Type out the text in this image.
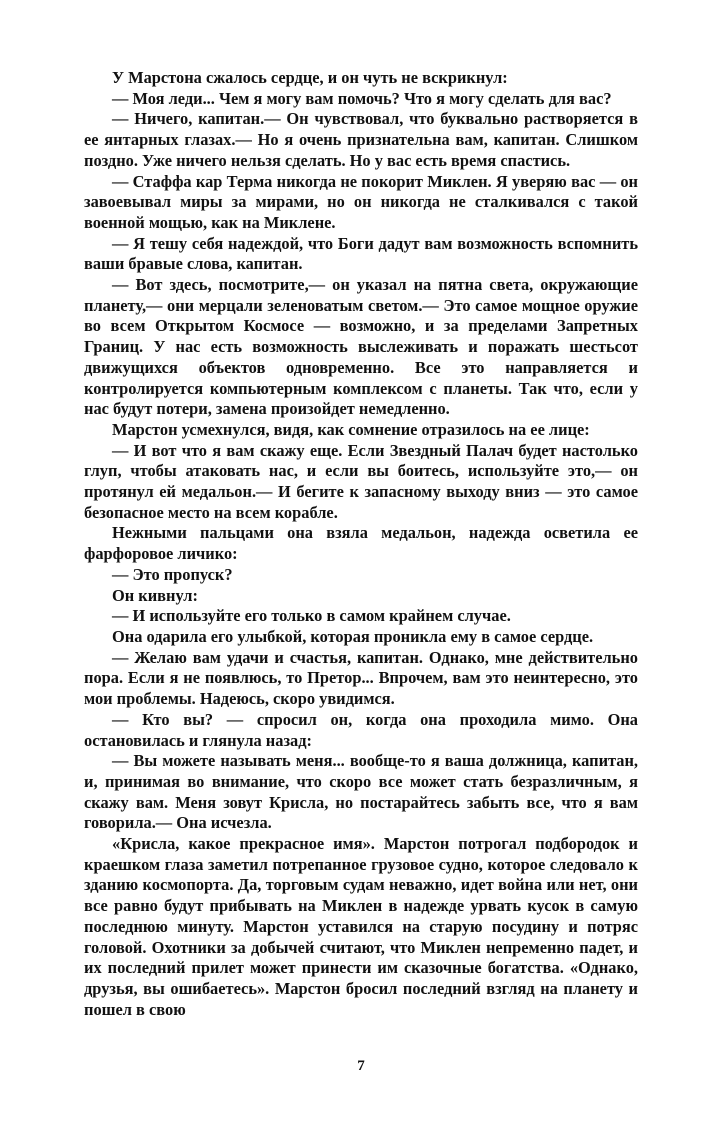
У Марстона сжалось сердце, и он чуть не вскрикнул:

— Моя леди... Чем я могу вам помочь? Что я могу сделать для вас?

— Ничего, капитан.— Он чувствовал, что буквально растворяется в ее янтарных глазах.— Но я очень признательна вам, капитан. Слишком поздно. Уже ничего нельзя сделать. Но у вас есть время спастись.

— Стаффа кар Терма никогда не покорит Миклен. Я уверяю вас — он завоевывал миры за мирами, но он никогда не сталкивался с такой военной мощью, как на Миклене.

— Я тешу себя надеждой, что Боги дадут вам возможность вспомнить ваши бравые слова, капитан.

— Вот здесь, посмотрите,— он указал на пятна света, окружающие планету,— они мерцали зеленоватым светом.— Это самое мощное оружие во всем Открытом Космосе — возможно, и за пределами Запретных Границ. У нас есть возможность выслеживать и поражать шестьсот движущихся объектов одновременно. Все это направляется и контролируется компьютерным комплексом с планеты. Так что, если у нас будут потери, замена произойдет немедленно.

Марстон усмехнулся, видя, как сомнение отразилось на ее лице:

— И вот что я вам скажу еще. Если Звездный Палач будет настолько глуп, чтобы атаковать нас, и если вы боитесь, используйте это,— он протянул ей медальон.— И бегите к запасному выходу вниз — это самое безопасное место на всем корабле.

Нежными пальцами она взяла медальон, надежда осветила ее фарфоровое личико:

— Это пропуск?

Он кивнул:

— И используйте его только в самом крайнем случае.

Она одарила его улыбкой, которая проникла ему в самое сердце.

— Желаю вам удачи и счастья, капитан. Однако, мне действительно пора. Если я не появлюсь, то Претор... Впрочем, вам это неинтересно, это мои проблемы. Надеюсь, скоро увидимся.

— Кто вы? — спросил он, когда она проходила мимо. Она остановилась и глянула назад:

— Вы можете называть меня... вообще-то я ваша должница, капитан, и, принимая во внимание, что скоро все может стать безразличным, я скажу вам. Меня зовут Крисла, но постарайтесь забыть все, что я вам говорила.— Она исчезла.

«Крисла, какое прекрасное имя». Марстон потрогал подбородок и краешком глаза заметил потрепанное грузовое судно, которое следовало к зданию космопорта. Да, торговым судам неважно, идет война или нет, они все равно будут прибывать на Миклен в надежде урвать кусок в самую последнюю минуту. Марстон уставился на старую посудину и потряс головой. Охотники за добычей считают, что Миклен непременно падет, и их последний прилет может принести им сказочные богатства. «Однако, друзья, вы ошибаетесь». Марстон бросил последний взгляд на планету и пошел в свою

7
